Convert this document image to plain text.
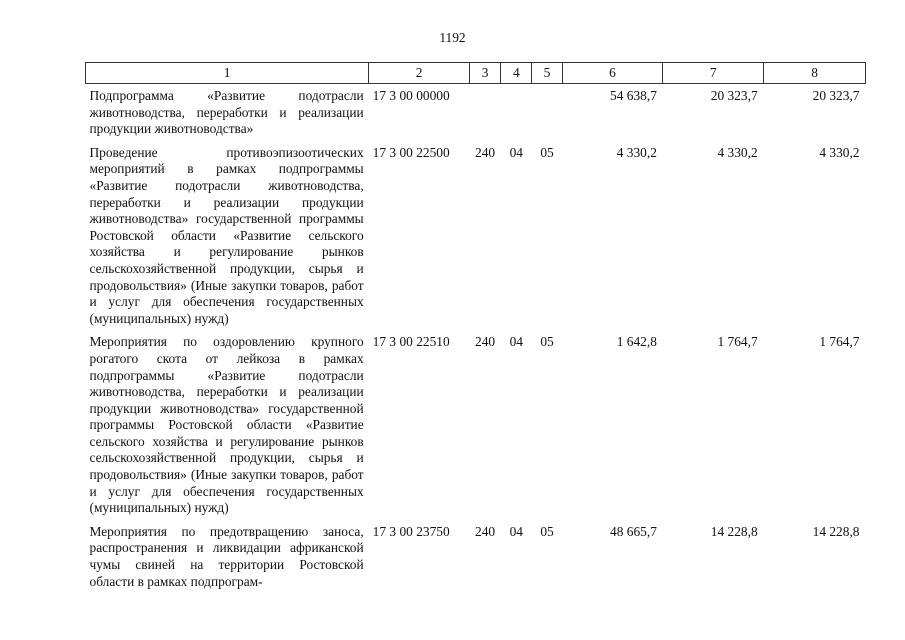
1192
1	2	3	4	5	6	7	8
Подпрограмма «Развитие подотрасли животноводства, переработки и реализации продукции животноводства»	17 3 00 00000				54 638,7	20 323,7	20 323,7
Проведение противоэпизоотических мероприятий в рамках подпрограммы «Развитие подотрасли животноводства, переработки и реализации продукции животноводства» государственной программы Ростовской области «Развитие сельского хозяйства и регулирование рынков сельскохозяйственной продукции, сырья и продовольствия» (Иные закупки товаров, работ и услуг для обеспечения государственных (муниципальных) нужд)	17 3 00 22500	240	04	05	4 330,2	4 330,2	4 330,2
Мероприятия по оздоровлению крупного рогатого скота от лейкоза в рамках подпрограммы «Развитие подотрасли животноводства, переработки и реализации продукции животноводства» государственной программы Ростовской области «Развитие сельского хозяйства и регулирование рынков сельскохозяйственной продукции, сырья и продовольствия» (Иные закупки товаров, работ и услуг для обеспечения государственных (муниципальных) нужд)	17 3 00 22510	240	04	05	1 642,8	1 764,7	1 764,7
Мероприятия по предотвращению заноса, распространения и ликвидации африканской чумы свиней на территории Ростовской области в рамках подпрограм-	17 3 00 23750	240	04	05	48 665,7	14 228,8	14 228,8
